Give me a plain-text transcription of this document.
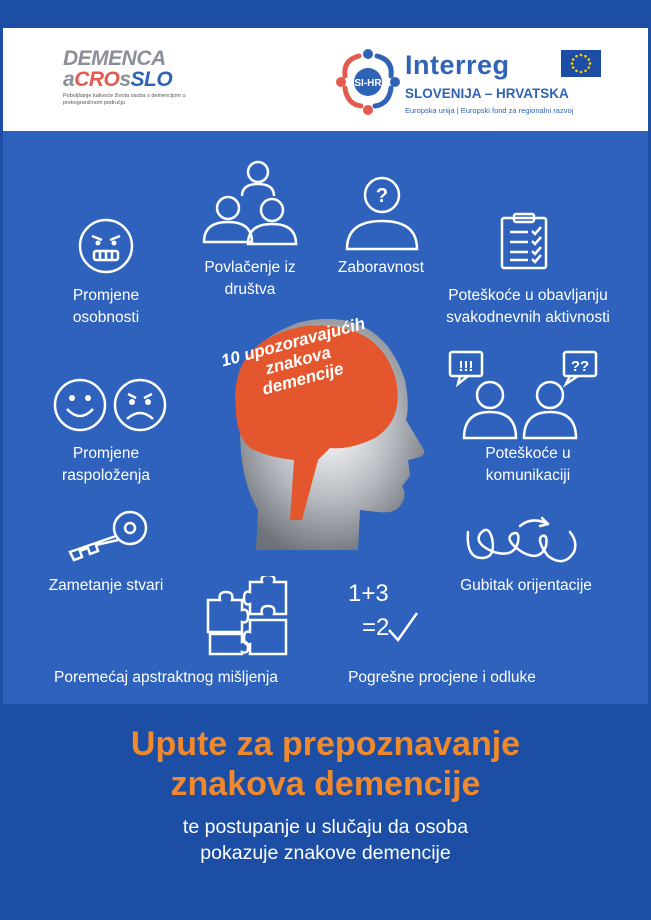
DEMENCA
aCROsSLO
Poboljšanje kakvoće života osoba s demencijom u prekograničnom području
SI-HR
Interreg
SLOVENIJA – HRVATSKA
Europska unija | Europski fond za regionalni razvoj
10 upozoravajućih znakova demencije
Promjene osobnosti
Povlačenje iz društva
?
Zaboravnost
Poteškoće u obavljanju svakodnevnih aktivnosti
Promjene raspoloženja
!!!	??
Poteškoće u komunikaciji
Zametanje stvari	Gubitak orijentacije
Poremećaj apstraktnog mišljenja
1+3
=2
Pogrešne procjene i odluke
Upute za prepoznavanje
znakova demencije
te postupanje u slučaju da osoba
pokazuje znakove demencije
